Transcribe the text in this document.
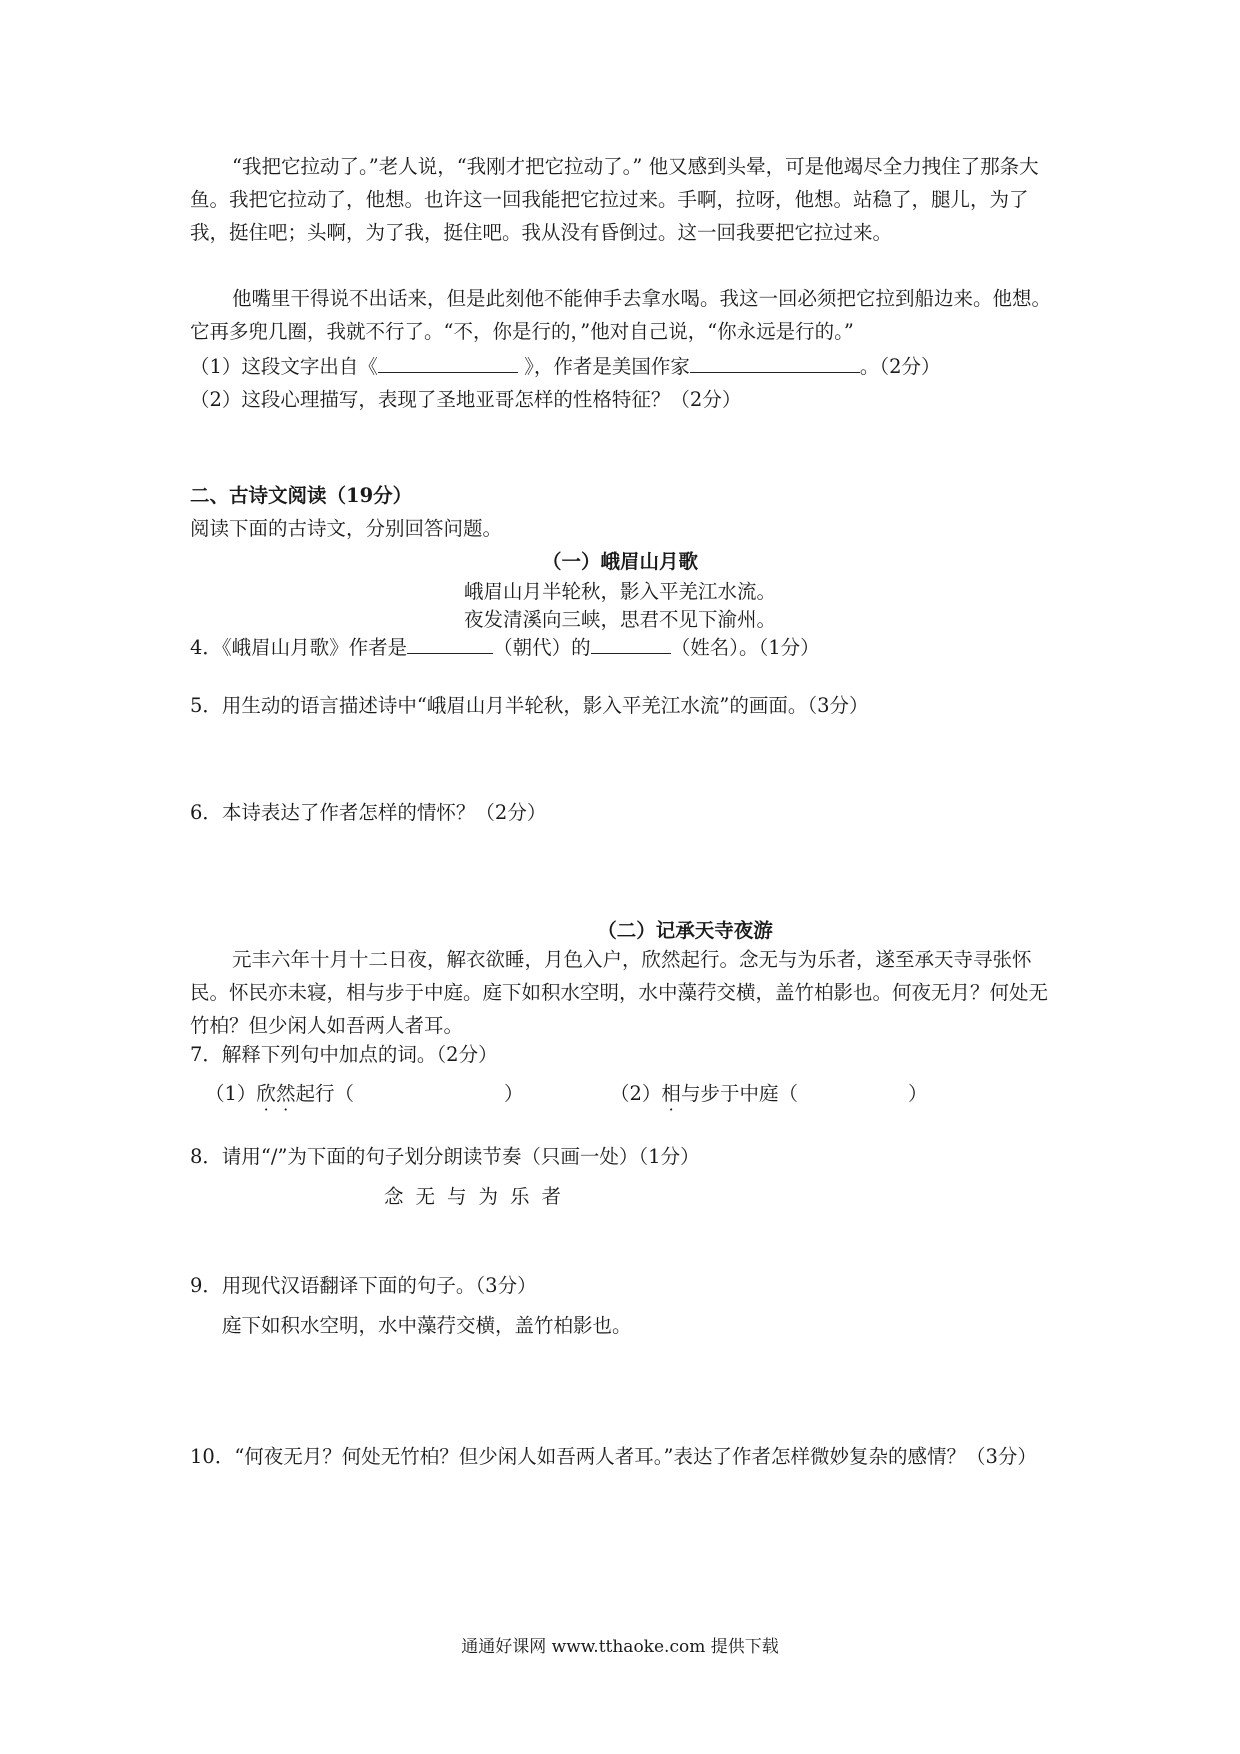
“我把它拉动了。”老人说，“我刚才把它拉动了。” 他又感到头晕，可是他竭尽全力拽住了那条大鱼。我把它拉动了，他想。也许这一回我能把它拉过来。手啊，拉呀，他想。站稳了，腿儿，为了我，挺住吧；头啊，为了我，挺住吧。我从没有昏倒过。这一回我要把它拉过来。

他嘴里干得说不出话来，但是此刻他不能伸手去拿水喝。我这一回必须把它拉到船边来。他想。它再多兜几圈，我就不行了。“不，你是行的，”他对自己说，“你永远是行的。”

（1）这段文字出自《	》，作者是美国作家	。（2分）
（2）这段心理描写，表现了圣地亚哥怎样的性格特征？（2分）
二、古诗文阅读（19分）
阅读下面的古诗文，分别回答问题。
（一）峨眉山月歌
峨眉山月半轮秋，影入平羌江水流。
夜发清溪向三峡，思君不见下渝州。
4．《峨眉山月歌》作者是	（朝代）的	（姓名）。（1分）
5．用生动的语言描述诗中“峨眉山月半轮秋，影入平羌江水流”的画面。（3分）
6．本诗表达了作者怎样的情怀？（2分）
（二）记承天寺夜游

元丰六年十月十二日夜，解衣欲睡，月色入户，欣然起行。念无与为乐者，遂至承天寺寻张怀民。怀民亦未寝，相与步于中庭。庭下如积水空明，水中藻荇交横，盖竹柏影也。何夜无月？何处无竹柏？但少闲人如吾两人者耳。

7．解释下列句中加点的词。（2分）
（1）欣然起行（	）	（2）相与步于中庭（	）
8．请用“/”为下面的句子划分朗读节奏（只画一处）（1分）
念无与为乐者
9．用现代汉语翻译下面的句子。（3分）
庭下如积水空明，水中藻荇交横，盖竹柏影也。

10．“何夜无月？何处无竹柏？但少闲人如吾两人者耳。”表达了作者怎样微妙复杂的感情？（3分）

通通好课网 www.tthaoke.com 提供下载
